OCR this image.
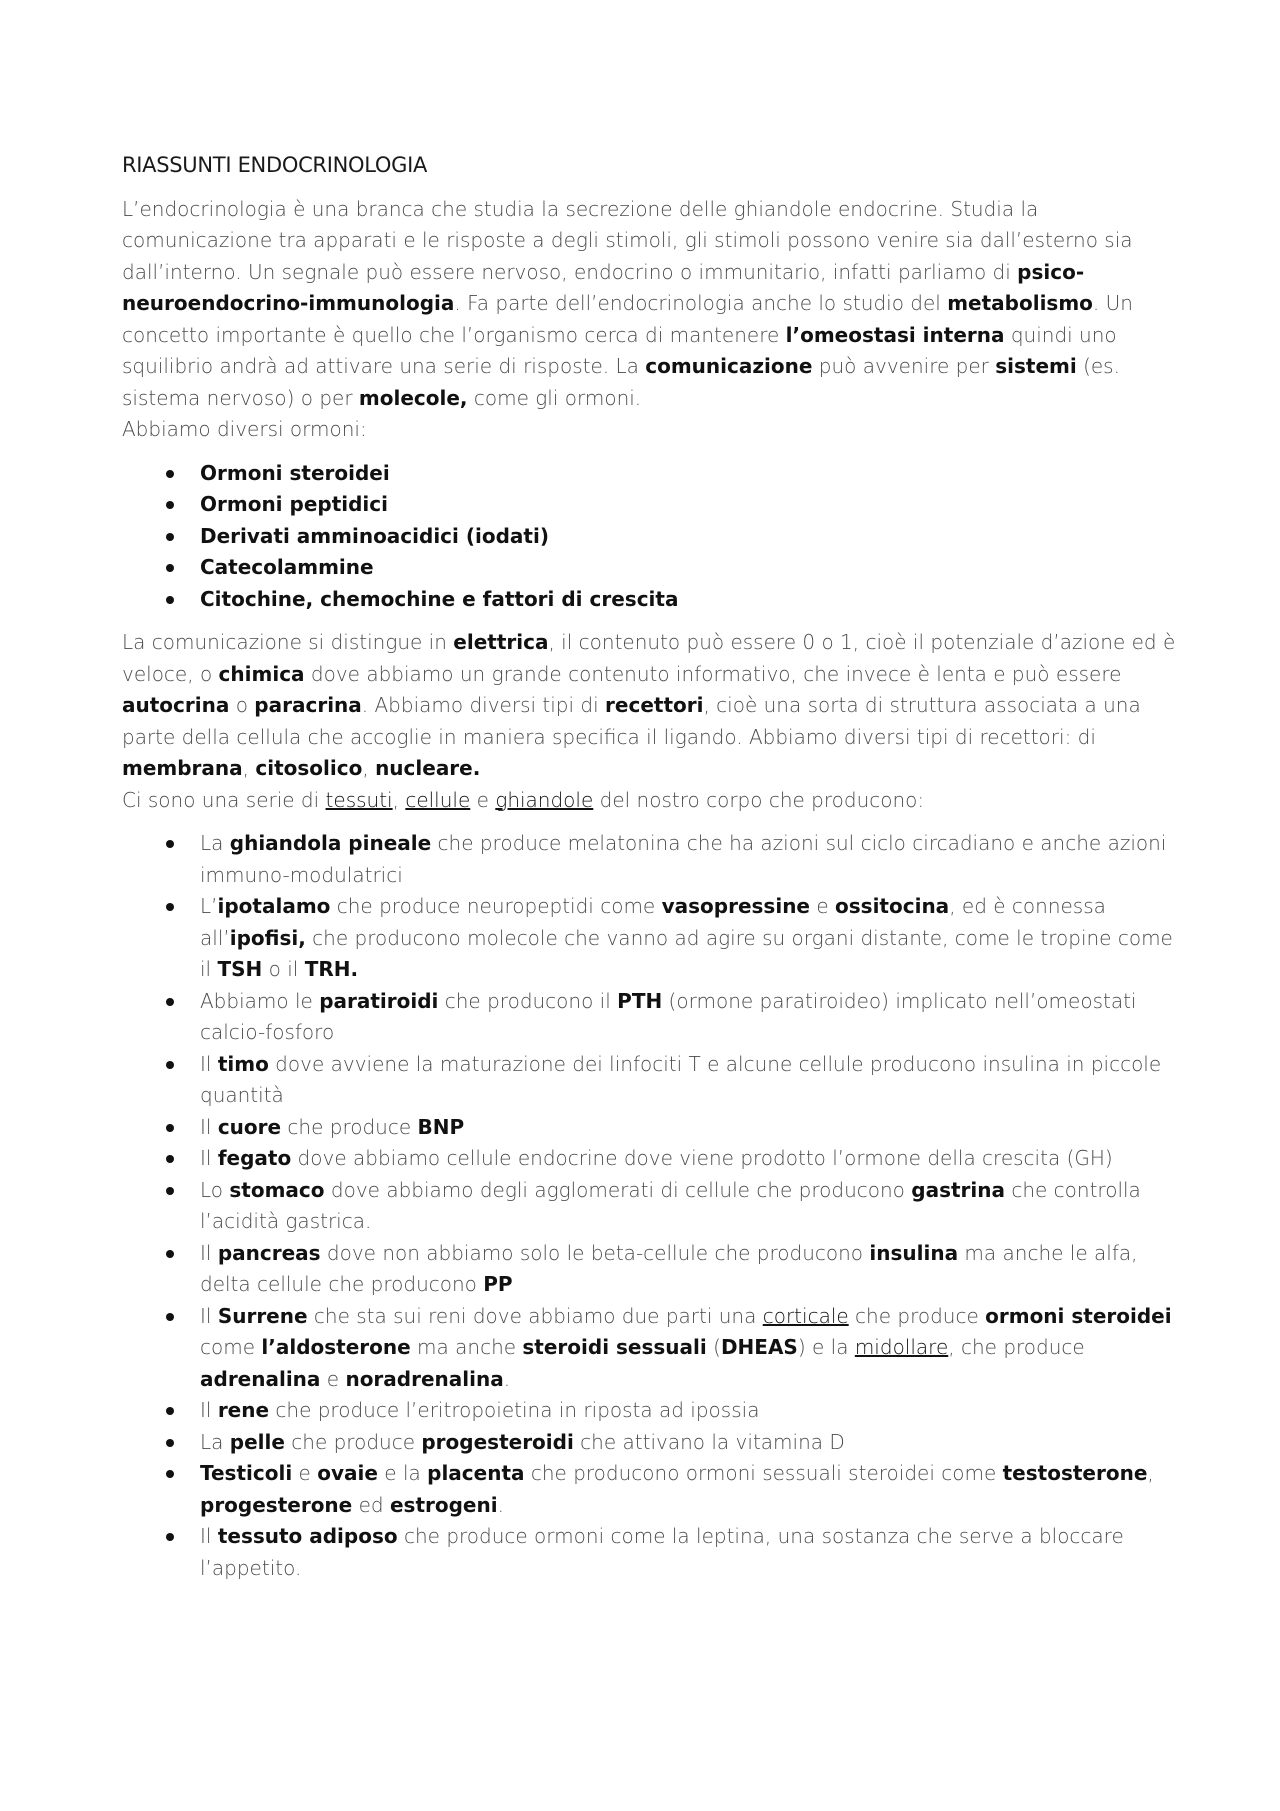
RIASSUNTI ENDOCRINOLOGIA

L’endocrinologia è una branca che studia la secrezione delle ghiandole endocrine. Studia la comunicazione tra apparati e le risposte a degli stimoli, gli stimoli possono venire sia dall’esterno sia dall’interno. Un segnale può essere nervoso, endocrino o immunitario, infatti parliamo di psico-neuroendocrino-immunologia. Fa parte dell’endocrinologia anche lo studio del metabolismo. Un concetto importante è quello che l’organismo cerca di mantenere l’omeostasi interna quindi uno squilibrio andrà ad attivare una serie di risposte. La comunicazione può avvenire per sistemi (es. sistema nervoso) o per molecole, come gli ormoni.

Abbiamo diversi ormoni:

Ormoni steroidei
Ormoni peptidici
Derivati amminoacidici (iodati)
Catecolammine
Citochine, chemochine e fattori di crescita

La comunicazione si distingue in elettrica, il contenuto può essere 0 o 1, cioè il potenziale d’azione ed è veloce, o chimica dove abbiamo un grande contenuto informativo, che invece è lenta e può essere autocrina o paracrina. Abbiamo diversi tipi di recettori, cioè una sorta di struttura associata a una parte della cellula che accoglie in maniera specifica il ligando. Abbiamo diversi tipi di recettori: di membrana, citosolico, nucleare.

Ci sono una serie di tessuti, cellule e ghiandole del nostro corpo che producono:

La ghiandola pineale che produce melatonina che ha azioni sul ciclo circadiano e anche azioni immuno-modulatrici
L’ipotalamo che produce neuropeptidi come vasopressine e ossitocina, ed è connessa all’ipofisi, che producono molecole che vanno ad agire su organi distante, come le tropine come il TSH o il TRH.
Abbiamo le paratiroidi che producono il PTH (ormone paratiroideo) implicato nell’omeostati calcio-fosforo
Il timo dove avviene la maturazione dei linfociti T e alcune cellule producono insulina in piccole quantità
Il cuore che produce BNP
Il fegato dove abbiamo cellule endocrine dove viene prodotto l’ormone della crescita (GH)
Lo stomaco dove abbiamo degli agglomerati di cellule che producono gastrina che controlla l’acidità gastrica.
Il pancreas dove non abbiamo solo le beta-cellule che producono insulina ma anche le alfa, delta cellule che producono PP
Il Surrene che sta sui reni dove abbiamo due parti una corticale che produce ormoni steroidei come l’aldosterone ma anche steroidi sessuali (DHEAS) e la midollare, che produce adrenalina e noradrenalina.
Il rene che produce l’eritropoietina in riposta ad ipossia
La pelle che produce progesteroidi che attivano la vitamina D
Testicoli e ovaie e la placenta che producono ormoni sessuali steroidei come testosterone, progesterone ed estrogeni.
Il tessuto adiposo che produce ormoni come la leptina, una sostanza che serve a bloccare l’appetito.
